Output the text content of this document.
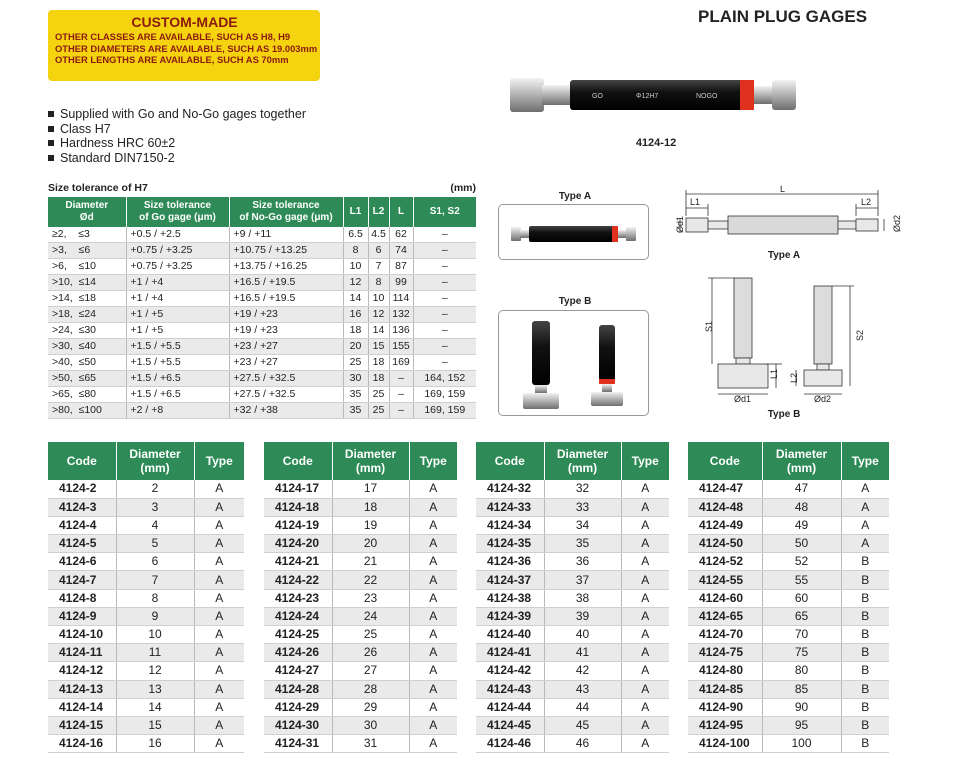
CUSTOM-MADE
OTHER CLASSES ARE AVAILABLE, SUCH AS H8, H9
OTHER DIAMETERS ARE AVAILABLE, SUCH AS 19.003mm
OTHER LENGTHS ARE AVAILABLE, SUCH AS 70mm
PLAIN PLUG GAGES
GO	Φ12H7	NOGO
4124-12
Supplied with Go and No-Go gages together
Class H7
Hardness HRC 60±2
Standard DIN7150-2
Size tolerance of H7	(mm)
Diameter
Ød	Size tolerance
of Go gage (μm)	Size tolerance
of No-Go gage (μm)	L1	L2	L	S1, S2
≥2,    ≤3	+0.5 / +2.5	+9 / +11	6.5	4.5	62	–
>3,    ≤6	+0.75 / +3.25	+10.75 / +13.25	8	6	74	–
>6,    ≤10	+0.75 / +3.25	+13.75 / +16.25	10	7	87	–
>10,  ≤14	+1 / +4	+16.5 / +19.5	12	8	99	–
>14,  ≤18	+1 / +4	+16.5 / +19.5	14	10	114	–
>18,  ≤24	+1 / +5	+19 / +23	16	12	132	–
>24,  ≤30	+1 / +5	+19 / +23	18	14	136	–
>30,  ≤40	+1.5 / +5.5	+23 / +27	20	15	155	–
>40,  ≤50	+1.5 / +5.5	+23 / +27	25	18	169	–
>50,  ≤65	+1.5 / +6.5	+27.5 / +32.5	30	18	–	164, 152
>65,  ≤80	+1.5 / +6.5	+27.5 / +32.5	35	25	–	169, 159
>80,  ≤100	+2 / +8	+32 / +38	35	25	–	169, 159
Type A
Type B
L
L1	L2
Ød1	Ød2
Type A
S1
S2
L1 L2
Ød1	Ød2
Type B
Code	Diameter
(mm)	Type
4124-2	2	A
4124-3	3	A
4124-4	4	A
4124-5	5	A
4124-6	6	A
4124-7	7	A
4124-8	8	A
4124-9	9	A
4124-10	10	A
4124-11	11	A
4124-12	12	A
4124-13	13	A
4124-14	14	A
4124-15	15	A
4124-16	16	A
Code	Diameter
(mm)	Type
4124-17	17	A
4124-18	18	A
4124-19	19	A
4124-20	20	A
4124-21	21	A
4124-22	22	A
4124-23	23	A
4124-24	24	A
4124-25	25	A
4124-26	26	A
4124-27	27	A
4124-28	28	A
4124-29	29	A
4124-30	30	A
4124-31	31	A
Code	Diameter
(mm)	Type
4124-32	32	A
4124-33	33	A
4124-34	34	A
4124-35	35	A
4124-36	36	A
4124-37	37	A
4124-38	38	A
4124-39	39	A
4124-40	40	A
4124-41	41	A
4124-42	42	A
4124-43	43	A
4124-44	44	A
4124-45	45	A
4124-46	46	A
Code	Diameter
(mm)	Type
4124-47	47	A
4124-48	48	A
4124-49	49	A
4124-50	50	A
4124-52	52	B
4124-55	55	B
4124-60	60	B
4124-65	65	B
4124-70	70	B
4124-75	75	B
4124-80	80	B
4124-85	85	B
4124-90	90	B
4124-95	95	B
4124-100	100	B
